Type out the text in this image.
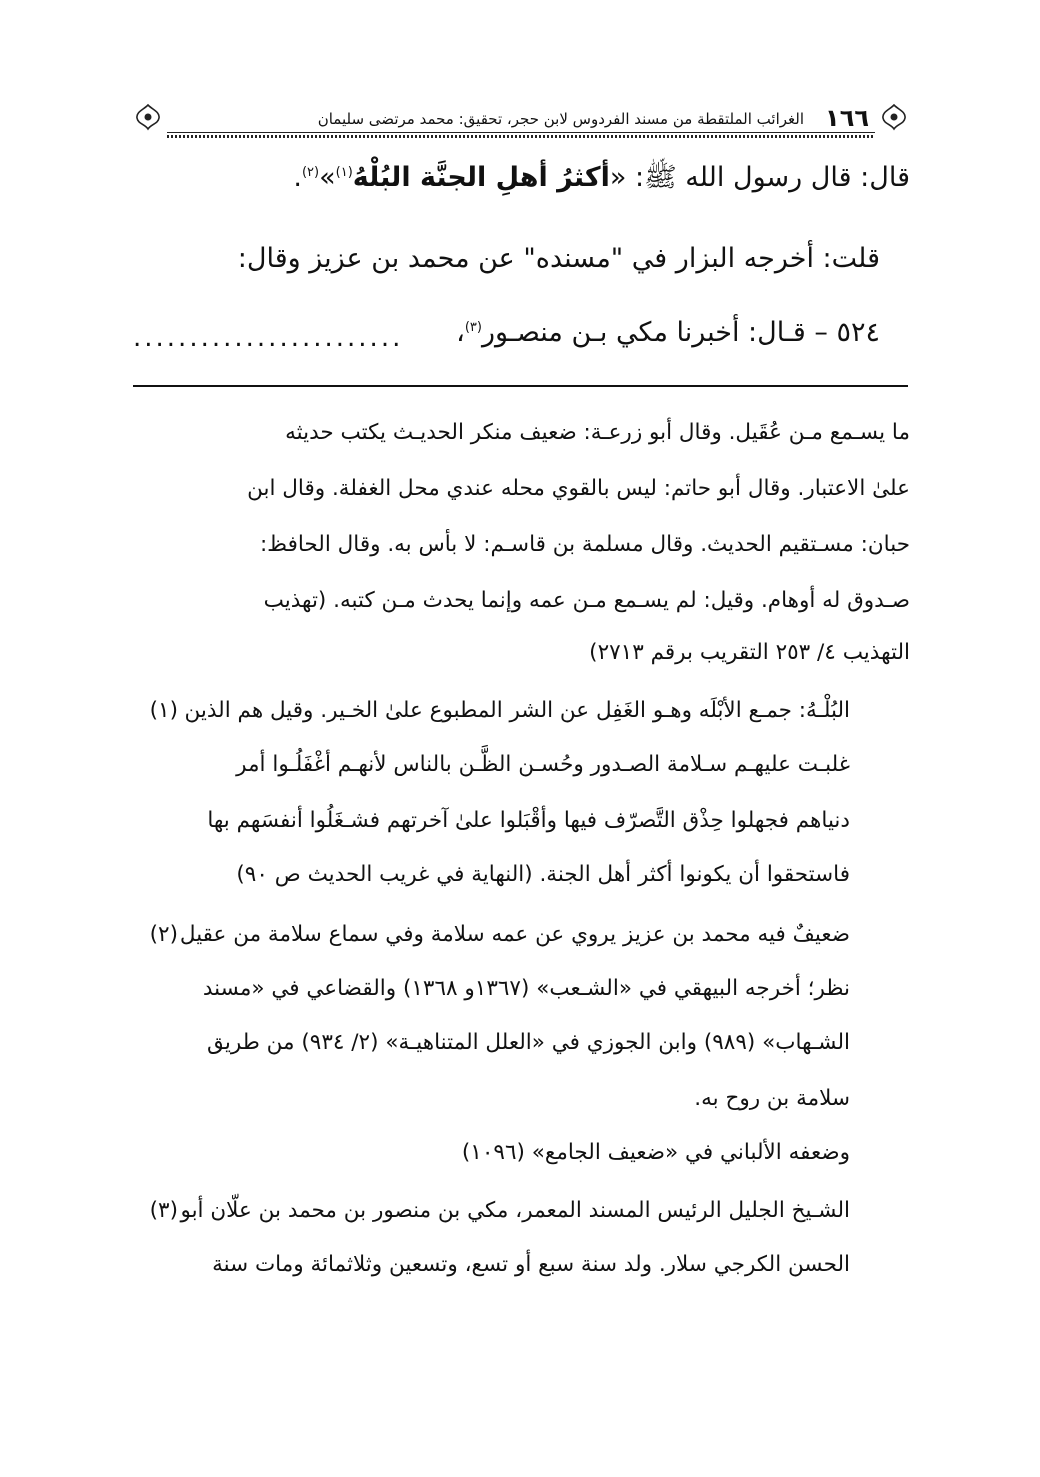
١٦٦
الغرائب الملتقطة من مسند الفردوس لابن حجر، تحقيق: محمد مرتضى سليمان
قال: قال رسول الله ﷺ: «أكثرُ أهلِ الجنَّة البُلْهُ$^{(١)}$»$^{(٢)}$.
قلت: أخرجه البزار في "مسنده" عن محمد بن عزيز وقال:
٥٢٤ – قـال: أخبرنا مكي بـن منصـور$^{(٣)}$،
........................
ما يسـمع مـن عُقَيل. وقال أبو زرعـة: ضعيف منكر الحديـث يكتب حديثه
علىٰ الاعتبار. وقال أبو حاتم: ليس بالقوي محله عندي محل الغفلة. وقال ابن
حبان: مسـتقيم الحديث. وقال مسلمة بن قاسـم: لا بأس به. وقال الحافظ:
صـدوق له أوهام. وقيل: لم يسـمع مـن عمه وإنما يحدث مـن كتبه. (تهذيب
التهذيب ٤/ ٢٥٣ التقريب برقم ٢٧١٣)
(١) البُلْـهُ: جمـع الأبْلَه وهـو الغَفِل عن الشر المطبوع علىٰ الخـير. وقيل هم الذين
غلبـت عليهـم سـلامة الصـدور وحُسـن الظَّـن بالناس لأنهـم أغْفَلُـوا أمر
دنياهم فجهلوا حِذْق التَّصرّف فيها وأقْبَلوا علىٰ آخرتهم فشـغَلُوا أنفسَهم بها
فاستحقوا أن يكونوا أكثر أهل الجنة. (النهاية في غريب الحديث ص ٩٠)
(٢) ضعيفٌ فيه محمد بن عزيز يروي عن عمه سلامة وفي سماع سلامة من عقيل
نظر؛ أخرجه البيهقي في «الشـعب» (١٣٦٧و ١٣٦٨) والقضاعي في «مسند
الشـهاب» (٩٨٩) وابن الجوزي في «العلل المتناهيـة» (٢/ ٩٣٤) من طريق
سلامة بن روح به.
وضعفه الألباني في «ضعيف الجامع» (١٠٩٦)
(٣) الشـيخ الجليل الرئيس المسند المعمر، مكي بن منصور بن محمد بن علّان أبو
الحسن الكرجي سلار. ولد سنة سبع أو تسع، وتسعين وثلاثمائة ومات سنة
